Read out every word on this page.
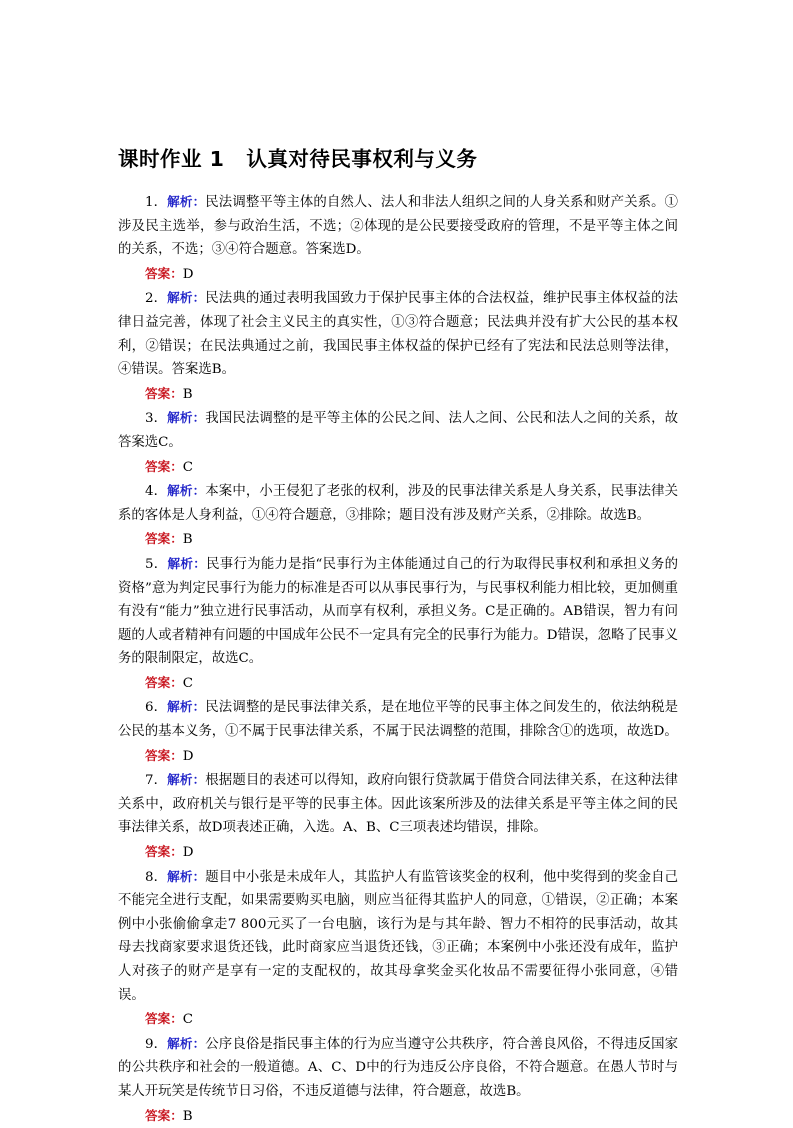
课时作业 1 认真对待民事权利与义务

1．解析：民法调整平等主体的自然人、法人和非法人组织之间的人身关系和财产关系。①涉及民主选举，参与政治生活，不选；②体现的是公民要接受政府的管理，不是平等主体之间的关系，不选；③④符合题意。答案选D。

答案：D

2．解析：民法典的通过表明我国致力于保护民事主体的合法权益，维护民事主体权益的法律日益完善，体现了社会主义民主的真实性，①③符合题意；民法典并没有扩大公民的基本权利，②错误；在民法典通过之前，我国民事主体权益的保护已经有了宪法和民法总则等法律，④错误。答案选B。

答案：B

3．解析：我国民法调整的是平等主体的公民之间、法人之间、公民和法人之间的关系，故答案选C。

答案：C

4．解析：本案中，小王侵犯了老张的权利，涉及的民事法律关系是人身关系，民事法律关系的客体是人身利益，①④符合题意，③排除；题目没有涉及财产关系，②排除。故选B。

答案：B

5．解析：民事行为能力是指“民事行为主体能通过自己的行为取得民事权利和承担义务的资格”意为判定民事行为能力的标准是否可以从事民事行为，与民事权利能力相比较，更加侧重有没有“能力”独立进行民事活动，从而享有权利，承担义务。C是正确的。AB错误，智力有问题的人或者精神有问题的中国成年公民不一定具有完全的民事行为能力。D错误，忽略了民事义务的限制限定，故选C。

答案：C

6．解析：民法调整的是民事法律关系，是在地位平等的民事主体之间发生的，依法纳税是公民的基本义务，①不属于民事法律关系，不属于民法调整的范围，排除含①的选项，故选D。

答案：D

7．解析：根据题目的表述可以得知，政府向银行贷款属于借贷合同法律关系，在这种法律关系中，政府机关与银行是平等的民事主体。因此该案所涉及的法律关系是平等主体之间的民事法律关系，故D项表述正确，入选。A、B、C三项表述均错误，排除。

答案：D

8．解析：题目中小张是未成年人，其监护人有监管该奖金的权利，他中奖得到的奖金自己不能完全进行支配，如果需要购买电脑，则应当征得其监护人的同意，①错误，②正确；本案例中小张偷偷拿走7 800元买了一台电脑，该行为是与其年龄、智力不相符的民事活动，故其母去找商家要求退货还钱，此时商家应当退货还钱，③正确；本案例中小张还没有成年，监护人对孩子的财产是享有一定的支配权的，故其母拿奖金买化妆品不需要征得小张同意，④错误。

答案：C

9．解析：公序良俗是指民事主体的行为应当遵守公共秩序，符合善良风俗，不得违反国家的公共秩序和社会的一般道德。A、C、D中的行为违反公序良俗，不符合题意。在愚人节时与某人开玩笑是传统节日习俗，不违反道德与法律，符合题意，故选B。

答案：B
